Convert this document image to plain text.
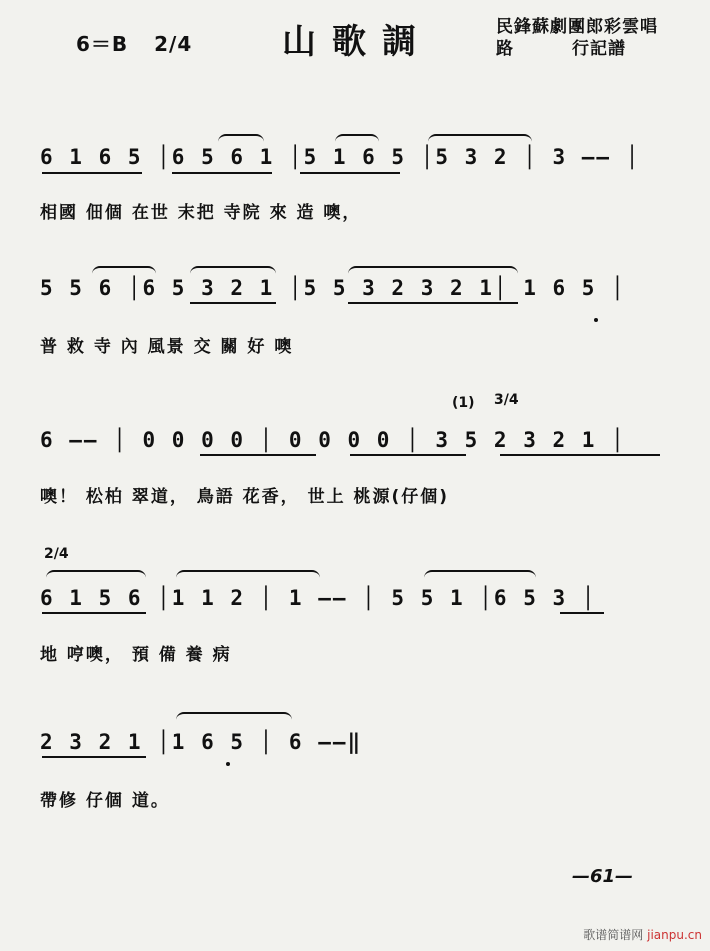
6＝B 2/4	山歌調	民鋒蘇劇團郎彩雲唱
路	行記譜
6 1 6 5 │6 5 6 1 │5 1 6 5 │5 3 2 │ 3 —— │
相國 佃個 在世 末把 寺院 來 造 噢，
5 5 6 │6 5 3 2 1 │5 5 3 2 3 2 1│ 1 6 5 │
普 救 寺 內 風景 交 關 好 噢
(1) 3/4
6 —— │ 0 0 0 0 │ 0 0 0 0 │ 3 5 2 3 2 1 │
噢！ 松柏 翠道， 鳥語 花香， 世上 桃源(仔個)
2/4
6 1 5 6 │1 1 2 │ 1 —— │ 5 5 1 │6 5 3 │
地 哼噢， 預 備 養 病
2 3 2 1 │1 6 5 │ 6 ——‖
帶修 仔個 道。
—61—
歌谱简谱网 jianpu.cn
